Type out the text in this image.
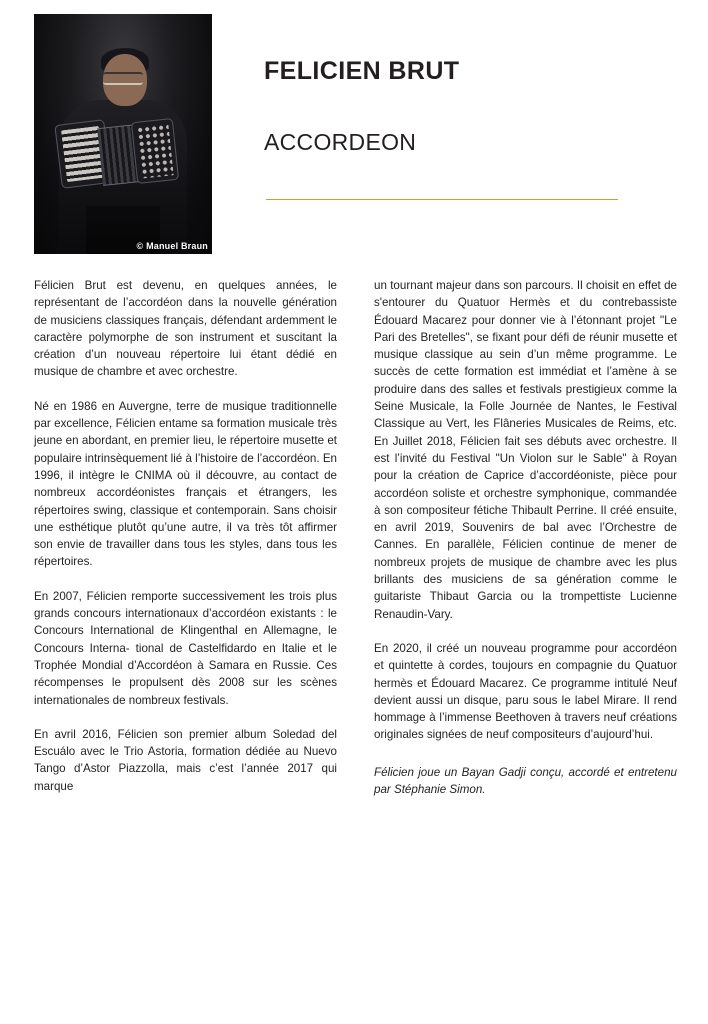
© Manuel Braun
FELICIEN BRUT
ACCORDEON

Félicien Brut est devenu, en quelques années, le représentant de l’accordéon dans la nouvelle génération de musiciens classiques français, défendant ardemment le caractère polymorphe de son instrument et suscitant la création d’un nouveau répertoire lui étant dédié en musique de chambre et avec orchestre.

Né en 1986 en Auvergne, terre de musique traditionnelle par excellence, Félicien entame sa formation musicale très jeune en abordant, en premier lieu, le répertoire musette et populaire intrinsèquement lié à l’histoire de l’accordéon. En 1996, il intègre le CNIMA où il découvre, au contact de nombreux accordéonistes français et étrangers, les répertoires swing, classique et contemporain. Sans choisir une esthétique plutôt qu’une autre, il va très tôt affirmer son envie de travailler dans tous les styles, dans tous les répertoires.

En 2007, Félicien remporte successivement les trois plus grands concours internationaux d’accordéon existants : le Concours International de Klingenthal en Allemagne, le Concours Interna- tional de Castelfidardo en Italie et le Trophée Mondial d’Accordéon à Samara en Russie. Ces récompenses le propulsent dès 2008 sur les scènes internationales de nombreux festivals.

En avril 2016, Félicien son premier album Soledad del Escuálo avec le Trio Astoria, formation dédiée au Nuevo Tango d’Astor Piazzolla, mais c’est l’année 2017 qui marque

un tournant majeur dans son parcours. Il choisit en effet de s'entourer du Quatuor Hermès et du contrebassiste Édouard Macarez pour donner vie à l’étonnant projet "Le Pari des Bretelles", se fixant pour défi de réunir musette et musique classique au sein d’un même programme. Le succès de cette formation est immédiat et l’amène à se produire dans des salles et festivals prestigieux comme la Seine Musicale, la Folle Journée de Nantes, le Festival Classique au Vert, les Flâneries Musicales de Reims, etc. En Juillet 2018, Félicien fait ses débuts avec orchestre. Il est l’invité du Festival "Un Violon sur le Sable" à Royan pour la création de Caprice d’accordéoniste, pièce pour accordéon soliste et orchestre symphonique, commandée à son compositeur fétiche Thibault Perrine. Il créé ensuite, en avril 2019, Souvenirs de bal avec l’Orchestre de Cannes. En parallèle, Félicien continue de mener de nombreux projets de musique de chambre avec les plus brillants des musiciens de sa génération comme le guitariste Thibaut Garcia ou la trompettiste Lucienne Renaudin-Vary.

En 2020, il créé un nouveau programme pour accordéon et quintette à cordes, toujours en compagnie du Quatuor hermès et Édouard Macarez. Ce programme intitulé Neuf devient aussi un disque, paru sous le label Mirare. Il rend hommage à l’immense Beethoven à travers neuf créations originales signées de neuf compositeurs d’aujourd’hui.

Félicien joue un Bayan Gadji conçu, accordé et entretenu par Stéphanie Simon.
